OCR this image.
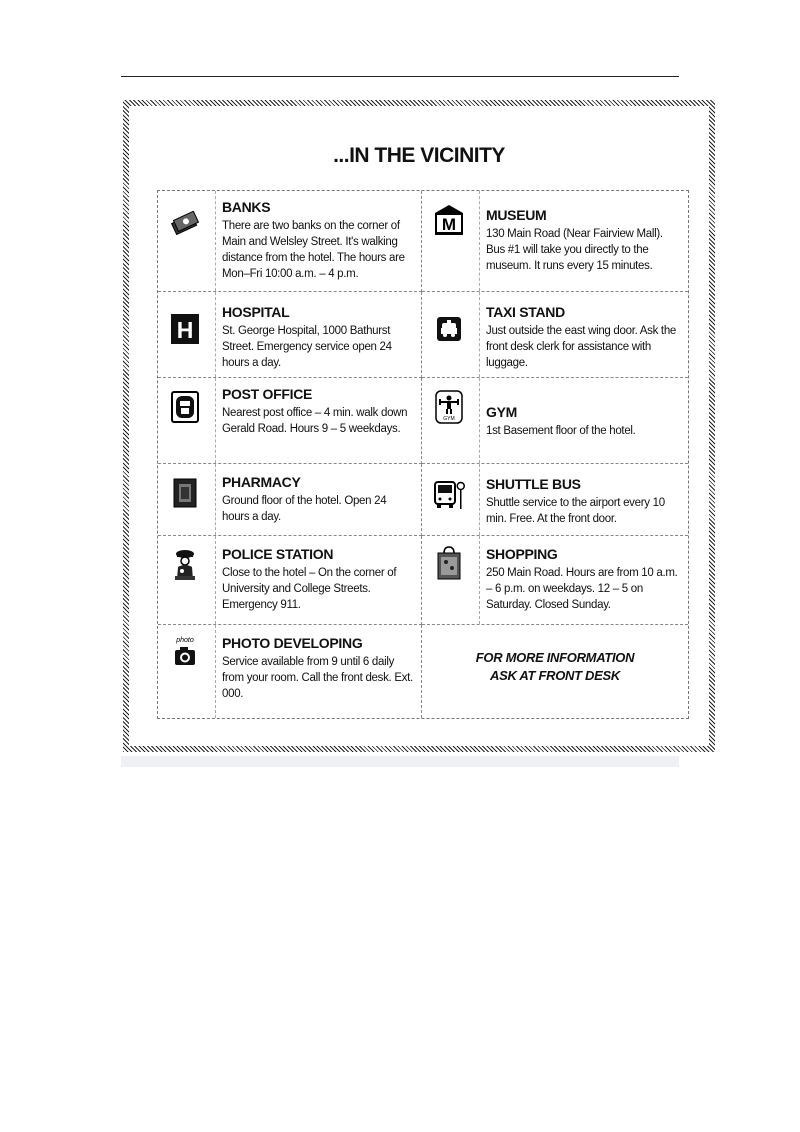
...IN THE VICINITY
BANKS

There are two banks on the corner of Main and Welsley Street. It's walking distance from the hotel. The hours are Mon–Fri 10:00 a.m. – 4 p.m.

M MUSEUM

130 Main Road (Near Fairview Mall). Bus #1 will take you directly to the museum. It runs every 15 minutes.

H
HOSPITAL

St. George Hospital, 1000 Bathurst Street. Emergency service open 24 hours a day.

TAXI STAND

Just outside the east wing door. Ask the front desk clerk for assistance with luggage.

POST OFFICE

Nearest post office – 4 min. walk down Gerald Road. Hours 9 – 5 weekdays.

GYM GYM

1st Basement floor of the hotel.

PHARMACY

Ground floor of the hotel. Open 24 hours a day.

SHUTTLE BUS

Shuttle service to the airport every 10 min. Free. At the front door.

POLICE STATION

Close to the hotel – On the corner of University and College Streets. Emergency 911.

SHOPPING

250 Main Road. Hours are from 10 a.m. – 6 p.m. on weekdays. 12 – 5 on Saturday. Closed Sunday.

photo PHOTO DEVELOPING

Service available from 9 until 6 daily from your room. Call the front desk. Ext. 000.

FOR MORE INFORMATION
ASK AT FRONT DESK
